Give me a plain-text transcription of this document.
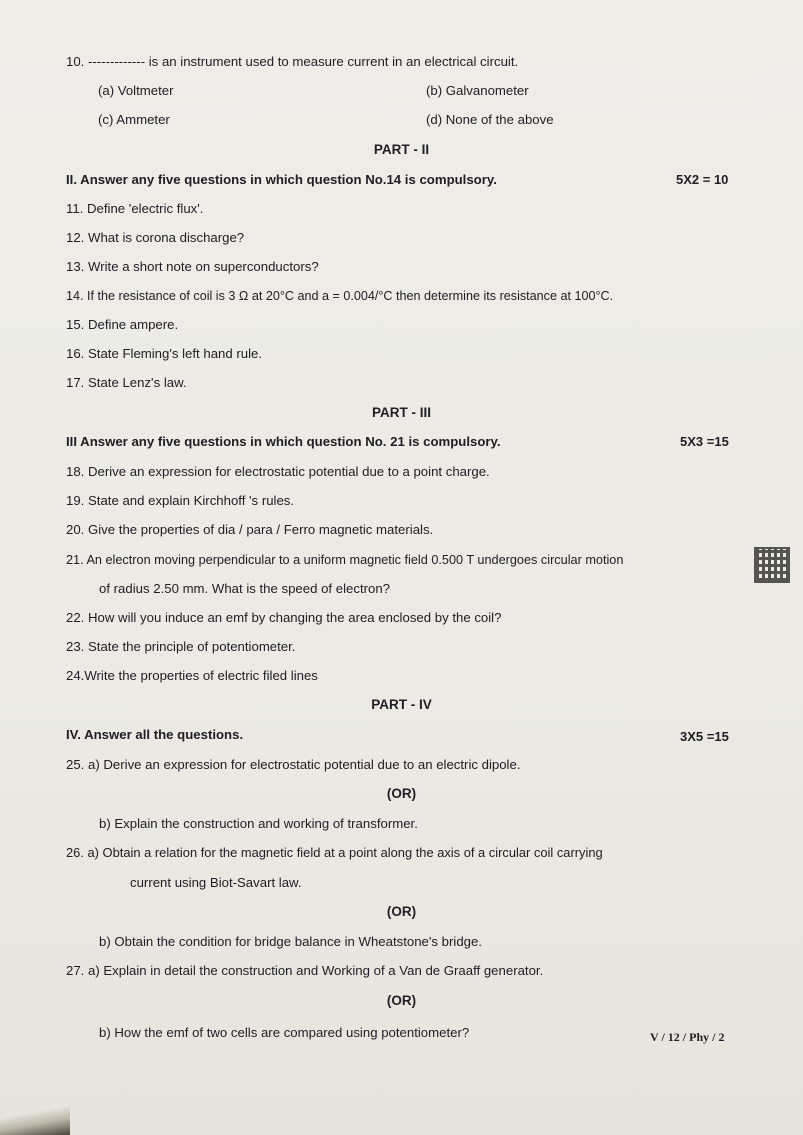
10. ------------- is an instrument used to measure current in an electrical circuit.
(a) Voltmeter	(b) Galvanometer
(c) Ammeter	(d) None of the above
PART - II
II. Answer any five questions in which question No.14 is compulsory.	5X2 = 10
11. Define 'electric flux'.
12. What is corona discharge?
13. Write a short note on superconductors?
14. If the resistance of coil is 3 Ω at 20°C and a = 0.004/°C then determine its resistance at 100°C.
15. Define ampere.
16. State Fleming's left hand rule.
17. State Lenz's law.
PART - III
III Answer any five questions in which question No. 21 is compulsory.	5X3 =15
18. Derive an expression for electrostatic potential due to a point charge.
19. State and explain Kirchhoff 's rules.
20. Give the properties of dia / para / Ferro magnetic materials.
21. An electron moving perpendicular to a uniform magnetic field 0.500 T undergoes circular motion
of radius 2.50 mm. What is the speed of electron?
22. How will you induce an emf by changing the area enclosed by the coil?
23. State the principle of potentiometer.
24.Write the properties of electric filed lines
PART - IV
IV. Answer all the questions.	3X5 =15
25. a) Derive an expression for electrostatic potential due to an electric dipole.
(OR)
b) Explain the construction and working of transformer.
26. a) Obtain a relation for the magnetic field at a point along the axis of a circular coil carrying
current using Biot-Savart law.
(OR)
b) Obtain the condition for bridge balance in Wheatstone's bridge.
27. a) Explain in detail the construction and Working of a Van de Graaff generator.
(OR)
b) How the emf of two cells are compared using potentiometer?	V / 12 / Phy / 2
